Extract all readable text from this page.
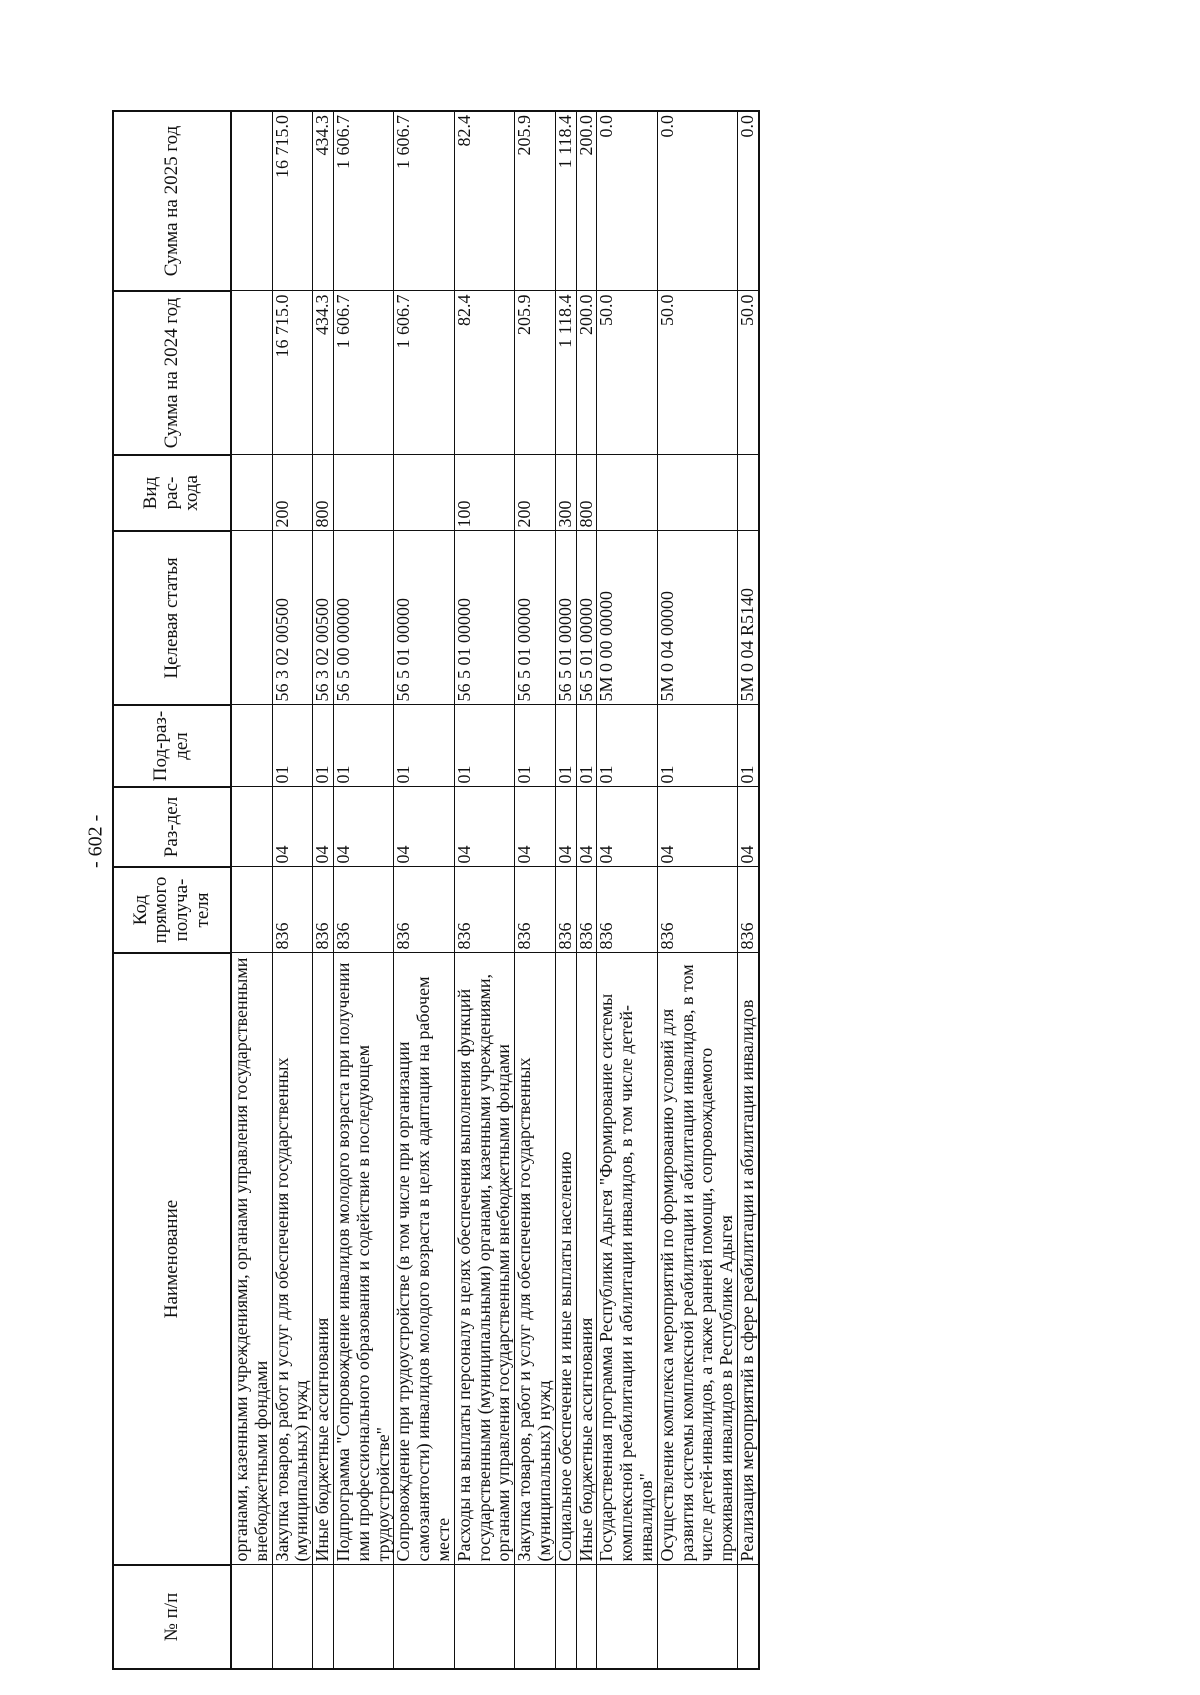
- 602 -
№ п/п	Наименование	Код прямого получа-теля	Раз-дел	Под-раз-дел	Целевая статья	Вид рас-хода	Сумма на 2024 год	Сумма на 2025 год
	органами, казенными учреждениями, органами управления государственными внебюджетными фондами							
	Закупка товаров, работ и услуг для обеспечения государственных (муниципальных) нужд	836	04	01	56 3 02 00500	200	16 715.0	16 715.0
	Иные бюджетные ассигнования	836	04	01	56 3 02 00500	800	434.3	434.3
	Подпрограмма "Сопровождение инвалидов молодого возраста при получении ими профессионального образования и содействие в последующем трудоустройстве"	836	04	01	56 5 00 00000		1 606.7	1 606.7
	Сопровождение при трудоустройстве (в том числе при организации самозанятости) инвалидов молодого возраста в целях адаптации на рабочем месте	836	04	01	56 5 01 00000		1 606.7	1 606.7
	Расходы на выплаты персоналу в целях обеспечения выполнения функций государственными (муниципальными) органами, казенными учреждениями, органами управления государственными внебюджетными фондами	836	04	01	56 5 01 00000	100	82.4	82.4
	Закупка товаров, работ и услуг для обеспечения государственных (муниципальных) нужд	836	04	01	56 5 01 00000	200	205.9	205.9
	Социальное обеспечение и иные выплаты населению	836	04	01	56 5 01 00000	300	1 118.4	1 118.4
	Иные бюджетные ассигнования	836	04	01	56 5 01 00000	800	200.0	200.0
	Государственная программа Республики Адыгея "Формирование системы комплексной реабилитации и абилитации инвалидов, в том числе детей-инвалидов"	836	04	01	5М 0 00 00000		50.0	0.0
	Осуществление комплекса мероприятий по формированию условий для развития системы комплексной реабилитации и абилитации инвалидов, в том числе детей-инвалидов, а также ранней помощи, сопровождаемого проживания инвалидов в Республике Адыгея	836	04	01	5М 0 04 00000		50.0	0.0
	Реализация мероприятий в сфере реабилитации и абилитации инвалидов	836	04	01	5М 0 04 R5140		50.0	0.0
